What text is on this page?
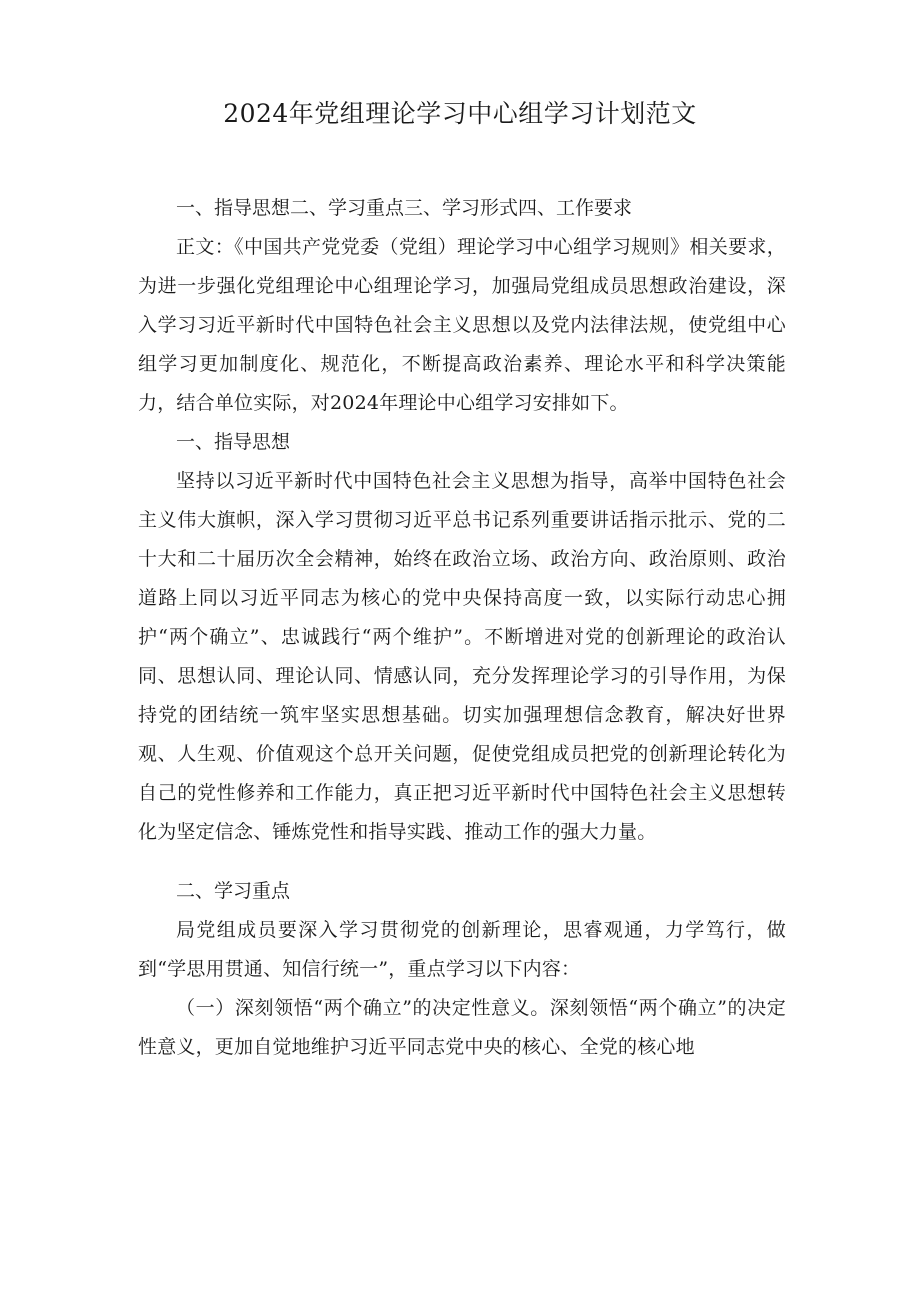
2024年党组理论学习中心组学习计划范文

一、指导思想二、学习重点三、学习形式四、工作要求

正文：《中国共产党党委（党组）理论学习中心组学习规则》相关要求，为进一步强化党组理论中心组理论学习，加强局党组成员思想政治建设，深入学习习近平新时代中国特色社会主义思想以及党内法律法规，使党组中心组学习更加制度化、规范化，不断提高政治素养、理论水平和科学决策能力，结合单位实际，对2024年理论中心组学习安排如下。

一、指导思想

坚持以习近平新时代中国特色社会主义思想为指导，高举中国特色社会主义伟大旗帜，深入学习贯彻习近平总书记系列重要讲话指示批示、党的二十大和二十届历次全会精神，始终在政治立场、政治方向、政治原则、政治道路上同以习近平同志为核心的党中央保持高度一致，以实际行动忠心拥护“两个确立”、忠诚践行“两个维护”。不断增进对党的创新理论的政治认同、思想认同、理论认同、情感认同，充分发挥理论学习的引导作用，为保持党的团结统一筑牢坚实思想基础。切实加强理想信念教育，解决好世界观、人生观、价值观这个总开关问题，促使党组成员把党的创新理论转化为自己的党性修养和工作能力，真正把习近平新时代中国特色社会主义思想转化为坚定信念、锤炼党性和指导实践、推动工作的强大力量。

二、学习重点

局党组成员要深入学习贯彻党的创新理论，思睿观通，力学笃行，做到“学思用贯通、知信行统一”，重点学习以下内容：

（一）深刻领悟“两个确立”的决定性意义。深刻领悟“两个确立”的决定性意义，更加自觉地维护习近平同志党中央的核心、全党的核心地
